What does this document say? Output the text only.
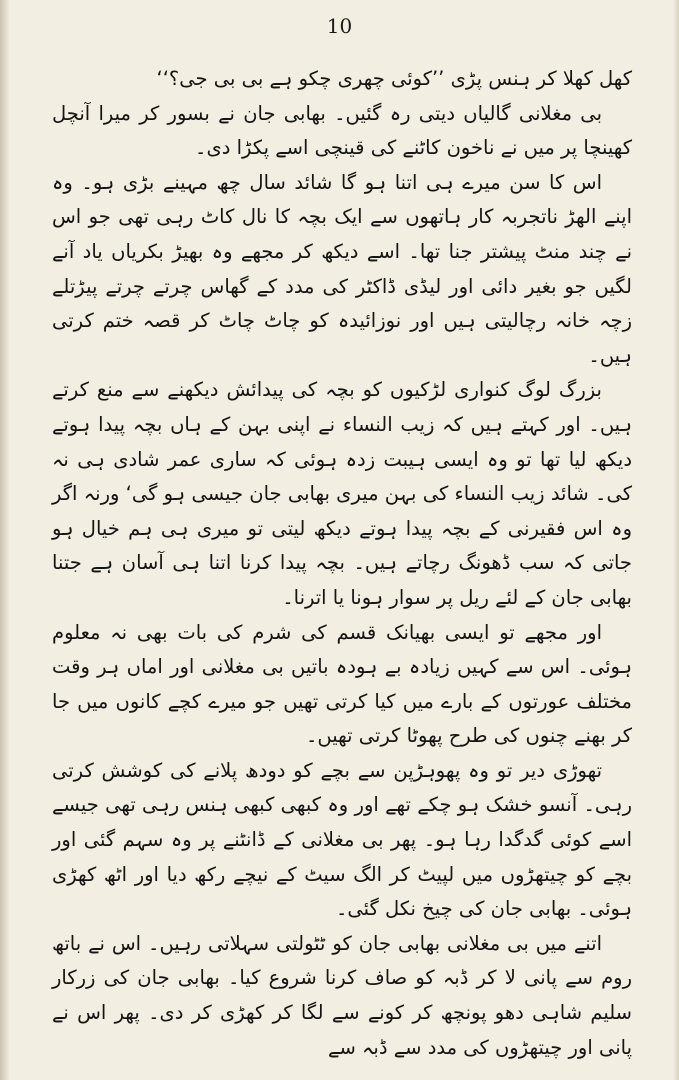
10

کھل کھلا کر ہنس پڑی ’’کوئی چھری چکو ہے بی بی جی؟‘‘

بی مغلانی گالیاں دیتی رہ گئیں۔ بھابی جان نے بسور کر میرا آنچل کھینچا پر میں نے ناخون کاٹنے کی قینچی اسے پکڑا دی۔

اس کا سن میرے ہی اتنا ہو گا شائد سال چھ مہینے بڑی ہو۔ وہ اپنے الھڑ ناتجربہ کار ہاتھوں سے ایک بچہ کا نال کاٹ رہی تھی جو اس نے چند منٹ پیشتر جنا تھا۔ اسے دیکھ کر مجھے وہ بھیڑ بکریاں یاد آنے لگیں جو بغیر دائی اور لیڈی ڈاکٹر کی مدد کے گھاس چرتے چرتے پیڑتلے زچہ خانہ رچالیتی ہیں اور نوزائیدہ کو چاٹ چاٹ کر قصہ ختم کرتی ہیں۔

بزرگ لوگ کنواری لڑکیوں کو بچہ کی پیدائش دیکھنے سے منع کرتے ہیں۔ اور کہتے ہیں کہ زیب النساء نے اپنی بہن کے ہاں بچہ پیدا ہوتے دیکھ لیا تھا تو وہ ایسی ہیبت زدہ ہوئی کہ ساری عمر شادی ہی نہ کی۔ شائد زیب النساء کی بہن میری بھابی جان جیسی ہو گی‘ ورنہ اگر وہ اس فقیرنی کے بچہ پیدا ہوتے دیکھ لیتی تو میری ہی ہم خیال ہو جاتی کہ سب ڈھونگ رچاتے ہیں۔ بچہ پیدا کرنا اتنا ہی آسان ہے جتنا بھابی جان کے لئے ریل پر سوار ہونا یا اترنا۔

اور مجھے تو ایسی بھیانک قسم کی شرم کی بات بھی نہ معلوم ہوئی۔ اس سے کہیں زیادہ بے ہودہ باتیں بی مغلانی اور اماں ہر وقت مختلف عورتوں کے بارے میں کیا کرتی تھیں جو میرے کچے کانوں میں جا کر بھنے چنوں کی طرح پھوٹا کرتی تھیں۔

تھوڑی دیر تو وہ پھوہڑپن سے بچے کو دودھ پلانے کی کوشش کرتی رہی۔ آنسو خشک ہو چکے تھے اور وہ کبھی کبھی ہنس رہی تھی جیسے اسے کوئی گدگدا رہا ہو۔ پھر بی مغلانی کے ڈانٹنے پر وہ سہم گئی اور بچے کو چیتھڑوں میں لپیٹ کر الگ سیٹ کے نیچے رکھ دیا اور اٹھ کھڑی ہوئی۔ بھابی جان کی چیخ نکل گئی۔

اتنے میں بی مغلانی بھابی جان کو ٹٹولتی سہلاتی رہیں۔ اس نے باتھ روم سے پانی لا کر ڈبہ کو صاف کرنا شروع کیا۔ بھابی جان کی زرکار سلیم شاہی دھو پونچھ کر کونے سے لگا کر کھڑی کر دی۔ پھر اس نے پانی اور چیتھڑوں کی مدد سے ڈبہ سے
